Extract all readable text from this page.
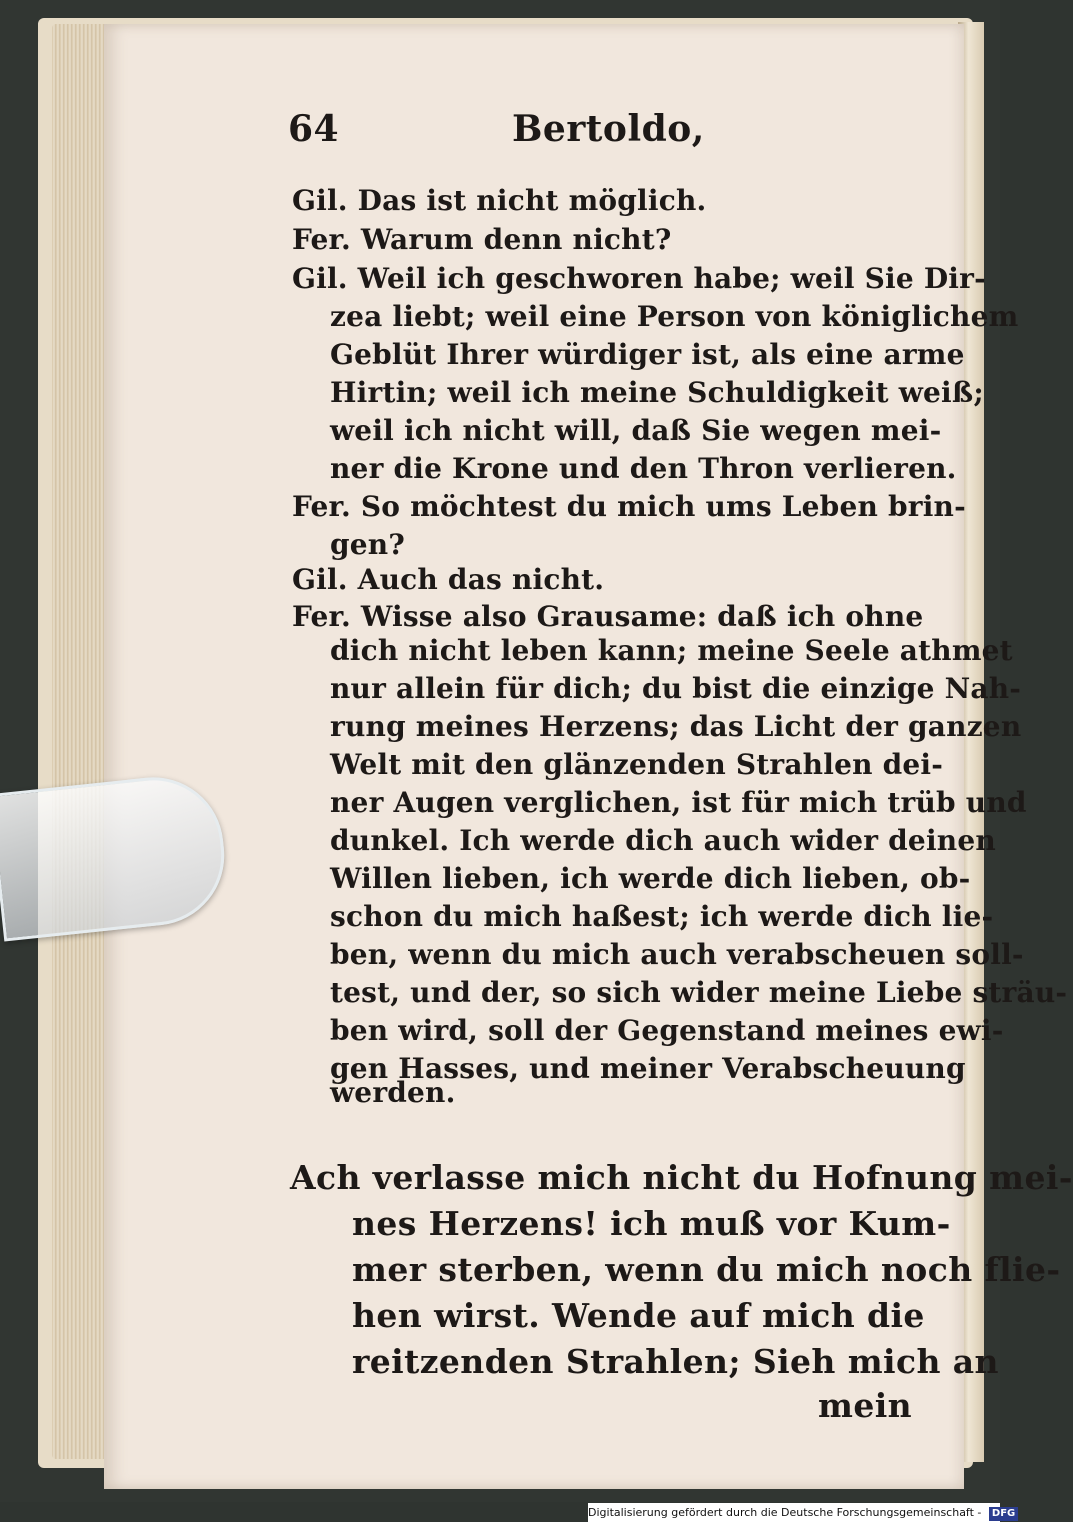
64	Bertoldo,
Gil. Das ist nicht möglich.
Fer. Warum denn nicht?
Gil. Weil ich geschworen habe; weil Sie Dir-
zea liebt; weil eine Person von königlichem
Geblüt Ihrer würdiger ist, als eine arme
Hirtin; weil ich meine Schuldigkeit weiß;
weil ich nicht will, daß Sie wegen mei-
ner die Krone und den Thron verlieren.
Fer. So möchtest du mich ums Leben brin-
gen?
Gil. Auch das nicht.
Fer. Wisse also Grausame: daß ich ohne
dich nicht leben kann; meine Seele athmet
nur allein für dich; du bist die einzige Nah-
rung meines Herzens; das Licht der ganzen
Welt mit den glänzenden Strahlen dei-
ner Augen verglichen, ist für mich trüb und
dunkel. Ich werde dich auch wider deinen
Willen lieben, ich werde dich lieben, ob-
schon du mich haßest; ich werde dich lie-
ben, wenn du mich auch verabscheuen soll-
test, und der, so sich wider meine Liebe sträu-
ben wird, soll der Gegenstand meines ewi-
gen Hasses, und meiner Verabscheuung
werden.
Ach verlasse mich nicht du Hofnung mei-
nes Herzens! ich muß vor Kum-
mer sterben, wenn du mich noch flie-
hen wirst. Wende auf mich die
reitzenden Strahlen; Sieh mich an
mein
Digitalisierung gefördert durch die Deutsche Forschungsgemeinschaft - DFG
